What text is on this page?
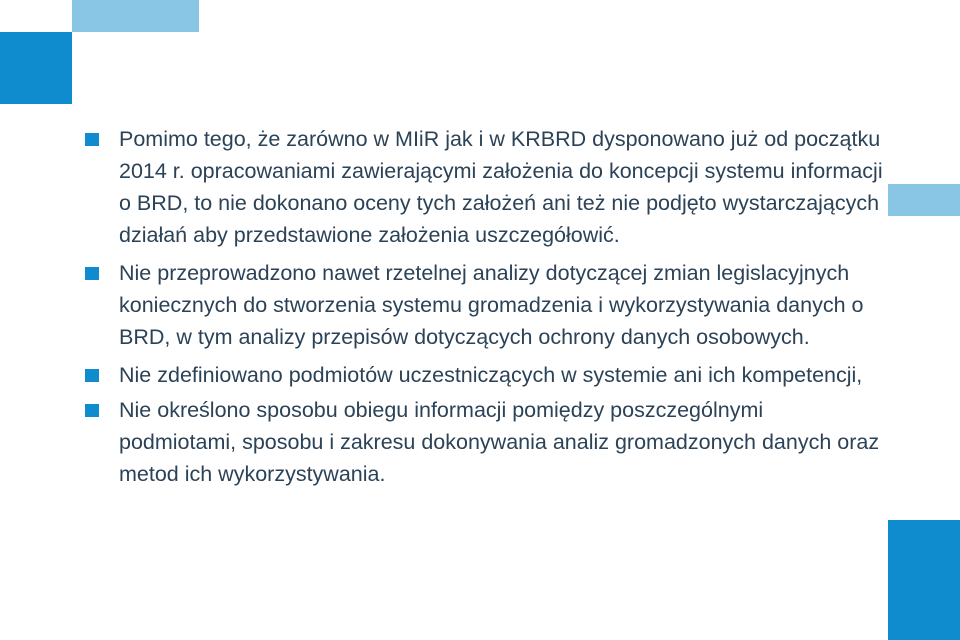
Pomimo tego, że zarówno w MIiR jak i w KRBRD dysponowano już od początku 2014 r. opracowaniami zawierającymi założenia do koncepcji systemu informacji o BRD, to nie dokonano oceny tych założeń ani też nie podjęto wystarczających działań aby przedstawione założenia uszczegółowić.
Nie przeprowadzono nawet rzetelnej analizy dotyczącej zmian legislacyjnych koniecznych do stworzenia systemu gromadzenia i wykorzystywania danych o BRD, w tym analizy przepisów dotyczących ochrony danych osobowych.
Nie zdefiniowano podmiotów uczestniczących w systemie ani ich kompetencji,
Nie określono sposobu obiegu informacji pomiędzy poszczególnymi podmiotami, sposobu i zakresu dokonywania analiz gromadzonych danych oraz metod ich wykorzystywania.
